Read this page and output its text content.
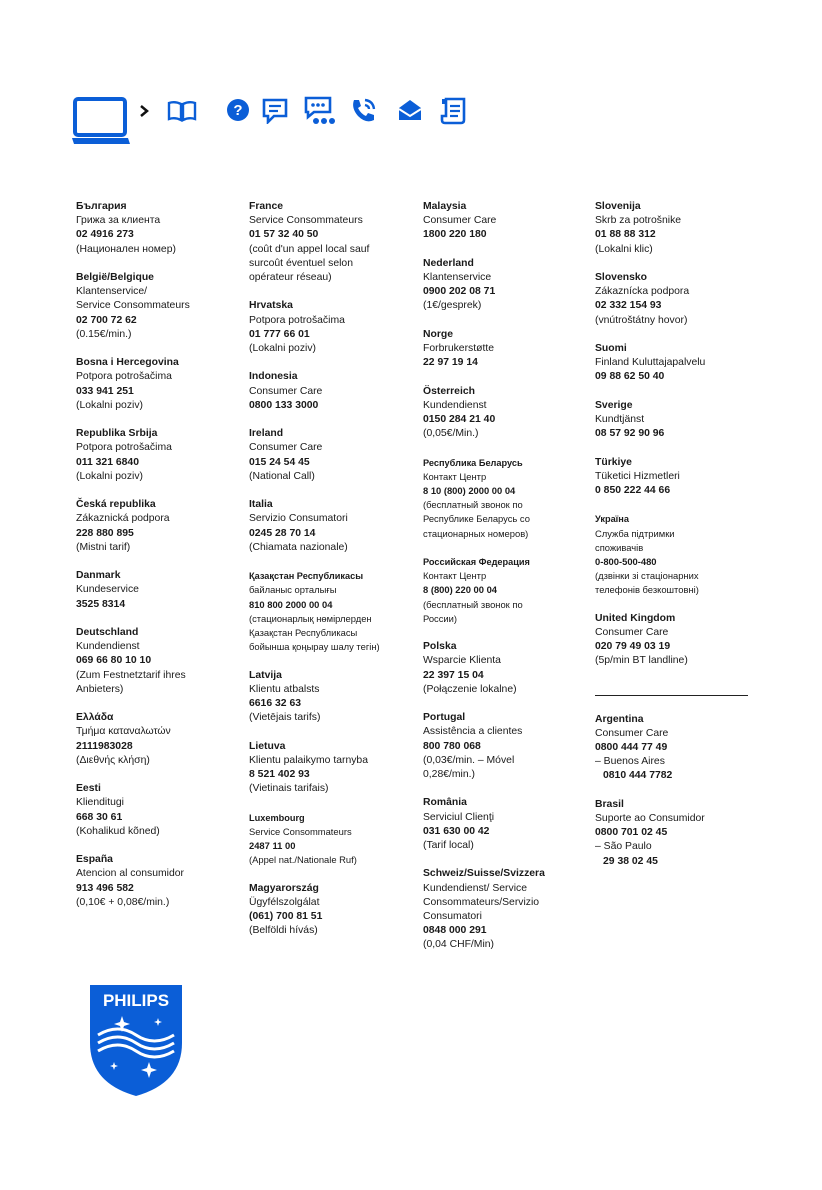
?
България
Грижа за клиента
02 4916 273
(Национален номер)
België/Belgique
Klantenservice/
Service Consommateurs
02 700 72 62
(0.15€/min.)
Bosna i Hercegovina
Potpora potrošačima
033 941 251
(Lokalni poziv)
Republika Srbija
Potpora potrošačima
011 321 6840
(Lokalni poziv)
Česká republika
Zákaznická podpora
228 880 895
(Mistni tarif)
Danmark
Kundeservice
3525 8314
Deutschland
Kundendienst
069 66 80 10 10
(Zum Festnetztarif ihres
Anbieters)
Ελλάδα
Τμήμα καταναλωτών
2111983028
(Διεθνής κλήση)
Eesti
Klienditugi
668 30 61
(Kohalikud kõned)
España
Atencion al consumidor
913 496 582
(0,10€ + 0,08€/min.)
France
Service Consommateurs
01 57 32 40 50
(coût d'un appel local sauf
surcoût éventuel selon
opérateur réseau)
Hrvatska
Potpora potrošačima
01 777 66 01
(Lokalni poziv)
Indonesia
Consumer Care
0800 133 3000
Ireland
Consumer Care
015 24 54 45
(National Call)
Italia
Servizio Consumatori
0245 28 70 14
(Chiamata nazionale)
Қазақстан Республикасы
байланыс орталығы
810 800 2000 00 04
(стационарлық нөмірлерден
Қазақстан Республикасы
бойынша қоңырау шалу тегін)
Latvija
Klientu atbalsts
6616 32 63
(Vietējais tarifs)
Lietuva
Klientu palaikymo tarnyba
8 521 402 93
(Vietinais tarifais)
Luxembourg
Service Consommateurs
2487 11 00
(Appel nat./Nationale Ruf)
Magyarország
Ügyfélszolgálat
(061) 700 81 51
(Belföldi hívás)
Malaysia
Consumer Care
1800 220 180
Nederland
Klantenservice
0900 202 08 71
(1€/gesprek)
Norge
Forbrukerstøtte
22 97 19 14
Österreich
Kundendienst
0150 284 21 40
(0,05€/Min.)
Республика Беларусь
Контакт Центр
8 10 (800) 2000 00 04
(бесплатный звонок по
Республике Беларусь со
стационарных номеров)
Российская Федерация
Контакт Центр
8 (800) 220 00 04
(бесплатный звонок по
России)
Polska
Wsparcie Klienta
22 397 15 04
(Połączenie lokalne)
Portugal
Assistência a clientes
800 780 068
(0,03€/min. – Móvel
0,28€/min.)
România
Serviciul Clienţi
031 630 00 42
(Tarif local)
Schweiz/Suisse/Svizzera
Kundendienst/ Service
Consommateurs/Servizio
Consumatori
0848 000 291
(0,04 CHF/Min)
Slovenija
Skrb za potrošnike
01 88 88 312
(Lokalni klic)
Slovensko
Zákaznícka podpora
02 332 154 93
(vnútroštátny hovor)
Suomi
Finland Kuluttajapalvelu
09 88 62 50 40
Sverige
Kundtjänst
08 57 92 90 96
Türkiye
Tüketici Hizmetleri
0 850 222 44 66
Україна
Служба підтримки
споживачів
0-800-500-480
(дзвінки зі стаціонарних
телефонів безкоштовні)
United Kingdom
Consumer Care
020 79 49 03 19
(5p/min BT landline)
Argentina
Consumer Care
0800 444 77 49
– Buenos Aires
0810 444 7782
Brasil
Suporte ao Consumidor
0800 701 02 45
– São Paulo
29 38 02 45
PHILIPS
